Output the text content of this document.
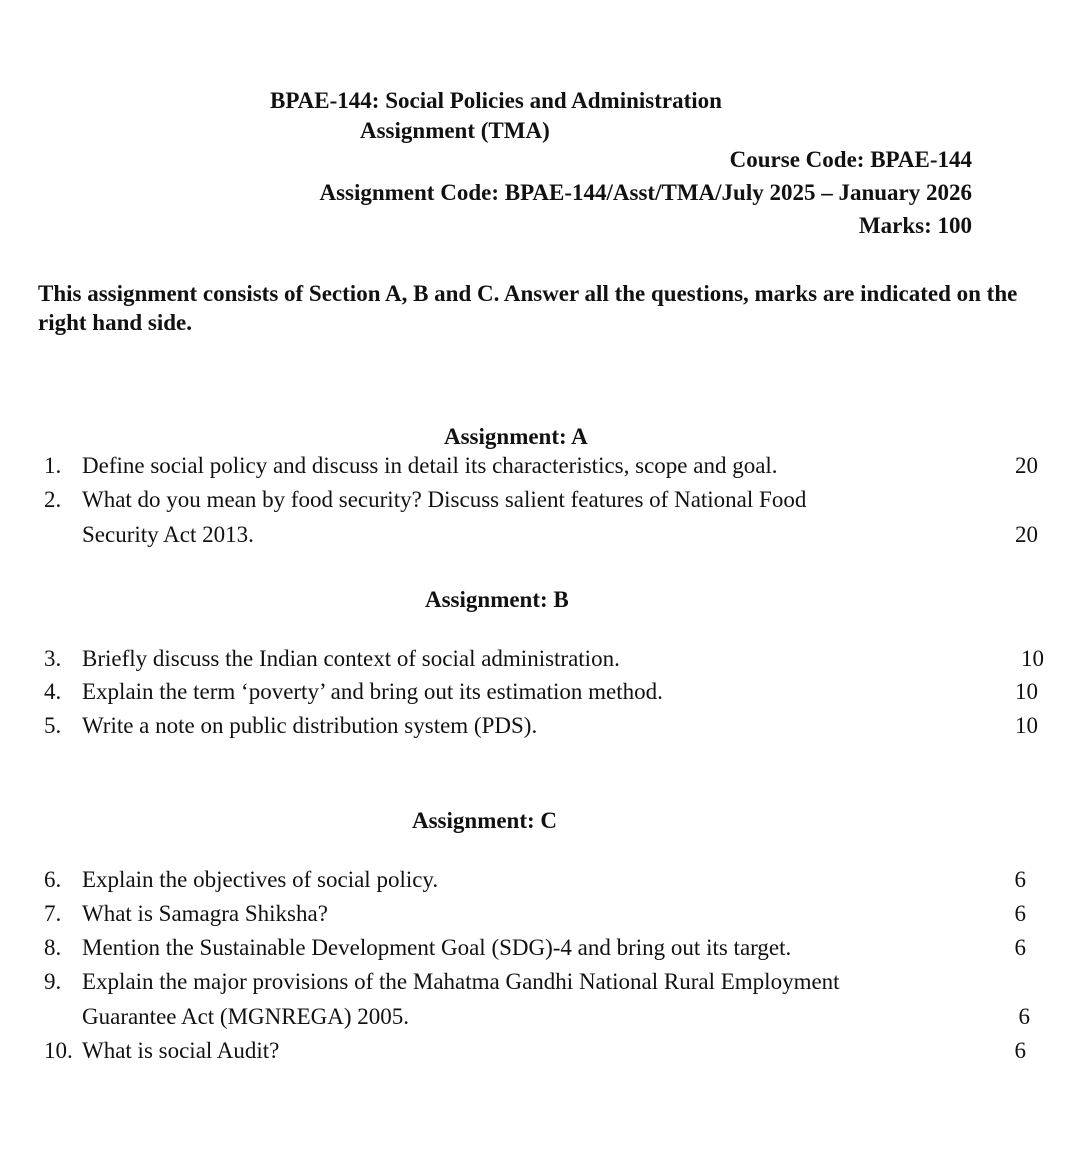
BPAE-144: Social Policies and Administration
Assignment (TMA)
Course Code: BPAE-144
Assignment Code: BPAE-144/Asst/TMA/July 2025 – January 2026
Marks: 100
This assignment consists of Section A, B and C. Answer all the questions, marks are indicated on the right hand side.
Assignment: A
1. Define social policy and discuss in detail its characteristics, scope and goal.	20
2. What do you mean by food security? Discuss salient features of National Food
Security Act 2013.	20
Assignment: B
3. Briefly discuss the Indian context of social administration.	10
4. Explain the term ‘poverty’ and bring out its estimation method.	10
5. Write a note on public distribution system (PDS).	10
Assignment: C
6. Explain the objectives of social policy.	6
7. What is Samagra Shiksha?	6
8. Mention the Sustainable Development Goal (SDG)-4 and bring out its target.	6
9. Explain the major provisions of the Mahatma Gandhi National Rural Employment
Guarantee Act (MGNREGA) 2005.	6
10. What is social Audit?	6
